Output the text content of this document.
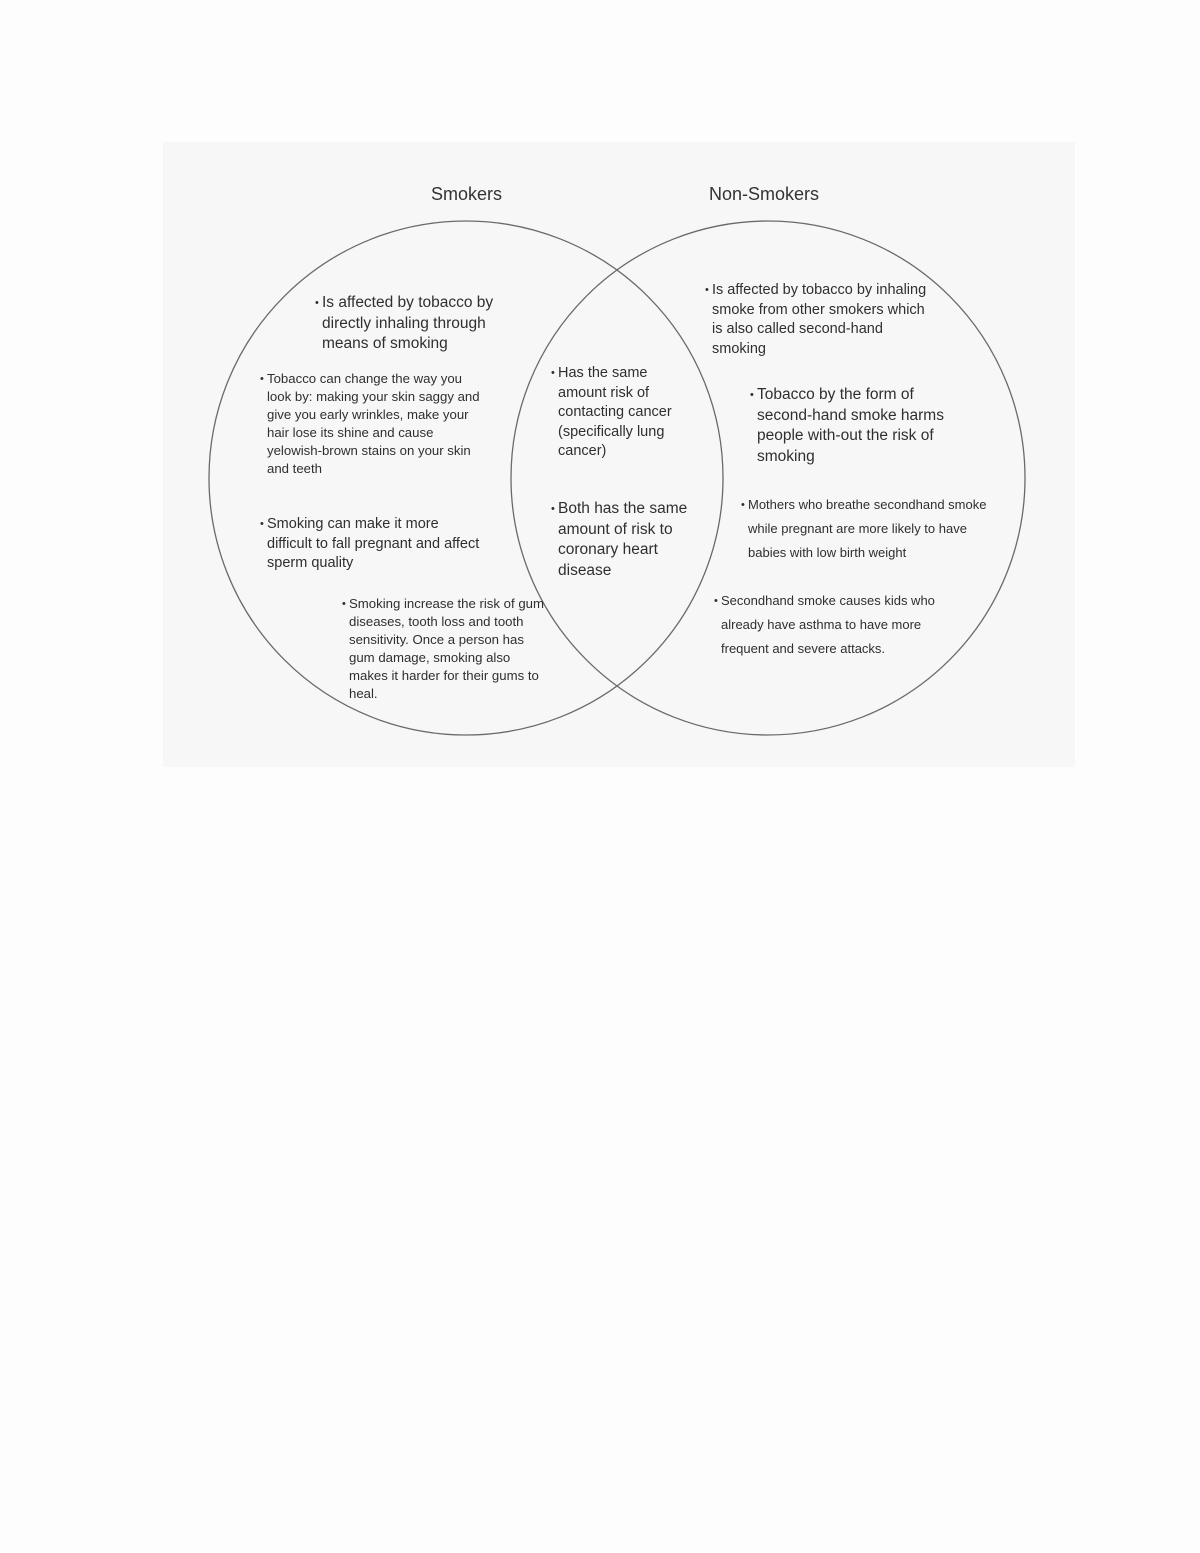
Smokers	Non-Smokers
• Is affected by tobacco by directly inhaling through means of smoking
• Tobacco can change the way you look by: making your skin saggy and give you early wrinkles, make your hair lose its shine and cause yelowish-brown stains on your skin and teeth
• Smoking can make it more difficult to fall pregnant and affect sperm quality
• Smoking increase the risk of gum diseases, tooth loss and tooth sensitivity. Once a person has gum damage, smoking also makes it harder for their gums to heal.
• Has the same amount risk of contacting cancer (specifically lung cancer)
• Both has the same amount of risk to coronary heart disease
• Is affected by tobacco by inhaling smoke from other smokers which is also called second-hand smoking
• Tobacco by the form of second-hand smoke harms people with-out the risk of smoking
• Mothers who breathe secondhand smoke while pregnant are more likely to have babies with low birth weight
• Secondhand smoke causes kids who already have asthma to have more frequent and severe attacks.
